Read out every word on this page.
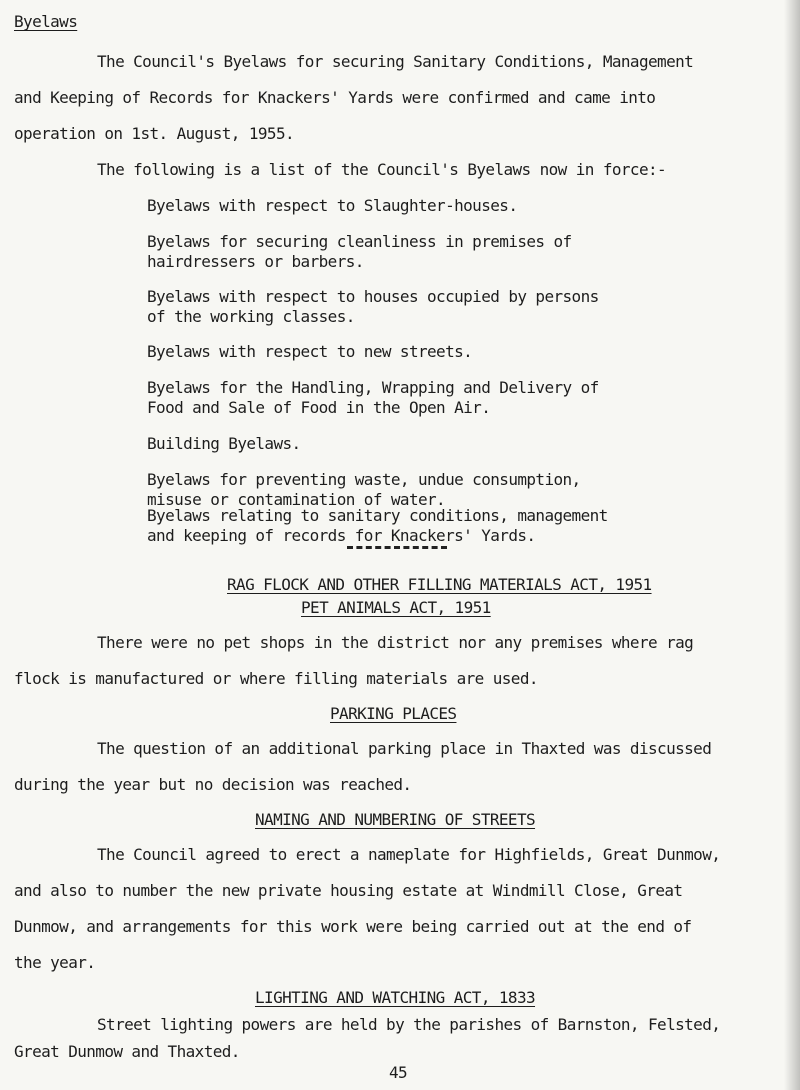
Byelaws
The Council's Byelaws for securing Sanitary Conditions, Management
and Keeping of Records for Knackers' Yards were confirmed and came into
operation on 1st. August, 1955.
The following is a list of the Council's Byelaws now in force:-
Byelaws with respect to Slaughter-houses.
Byelaws for securing cleanliness in premises of
hairdressers or barbers.
Byelaws with respect to houses occupied by persons
of the working classes.
Byelaws with respect to new streets.
Byelaws for the Handling, Wrapping and Delivery of
Food and Sale of Food in the Open Air.
Building Byelaws.
Byelaws for preventing waste, undue consumption,
misuse or contamination of water.
Byelaws relating to sanitary conditions, management
and keeping of records for Knackers' Yards.
RAG FLOCK AND OTHER FILLING MATERIALS ACT, 1951
PET ANIMALS ACT, 1951
There were no pet shops in the district nor any premises where rag
flock is manufactured or where filling materials are used.
PARKING PLACES
The question of an additional parking place in Thaxted was discussed
during the year but no decision was reached.
NAMING AND NUMBERING OF STREETS
The Council agreed to erect a nameplate for Highfields, Great Dunmow,
and also to number the new private housing estate at Windmill Close, Great
Dunmow, and arrangements for this work were being carried out at the end of
the year.
LIGHTING AND WATCHING ACT, 1833
Street lighting powers are held by the parishes of Barnston, Felsted,
Great Dunmow and Thaxted.
45
